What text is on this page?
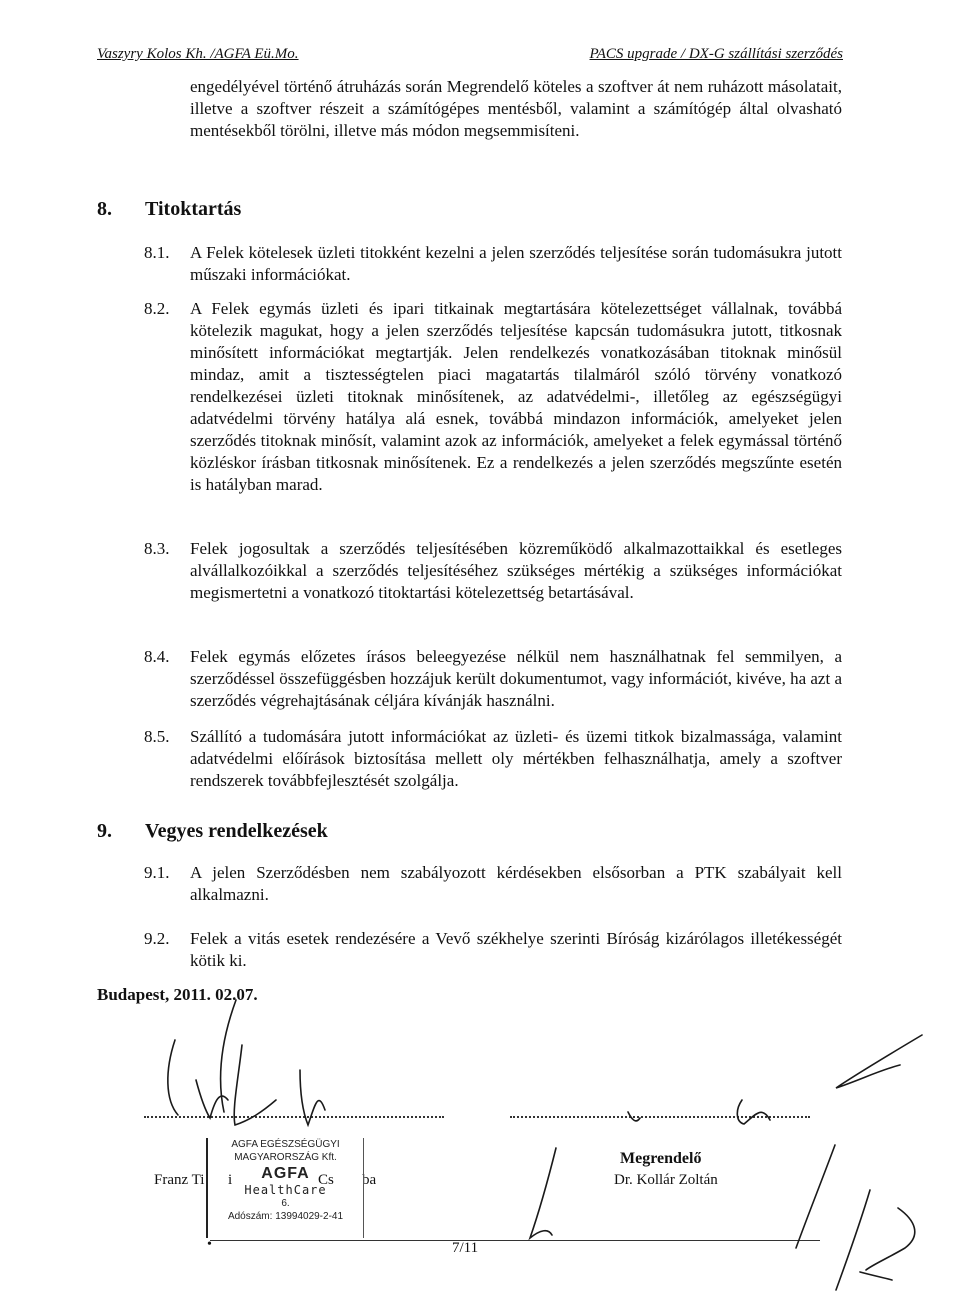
Vaszyry Kolos Kh. /AGFA Eü.Mo.	PACS upgrade / DX-G szállítási szerződés
engedélyével történő átruházás során Megrendelő köteles a szoftver át nem ruházott másolatait, illetve a szoftver részeit a számítógépes mentésből, valamint a számítógép által olvasható mentésekből törölni, illetve más módon megsemmisíteni.
8. Titoktartás
8.1.	A Felek kötelesek üzleti titokként kezelni a jelen szerződés teljesítése során tudomásukra jutott műszaki információkat.
8.2.	A Felek egymás üzleti és ipari titkainak megtartására kötelezettséget vállalnak, továbbá kötelezik magukat, hogy a jelen szerződés teljesítése kapcsán tudomásukra jutott, titkosnak minősített információkat megtartják. Jelen rendelkezés vonatkozásában titoknak minősül mindaz, amit a tisztességtelen piaci magatartás tilalmáról szóló törvény vonatkozó rendelkezései üzleti titoknak minősítenek, az adatvédelmi-, illetőleg az egészségügyi adatvédelmi törvény hatálya alá esnek, továbbá mindazon információk, amelyeket jelen szerződés titoknak minősít, valamint azok az információk, amelyeket a felek egymással történő közléskor írásban titkosnak minősítenek. Ez a rendelkezés a jelen szerződés megszűnte esetén is hatályban marad.
8.3.	Felek jogosultak a szerződés teljesítésében közreműködő alkalmazottaikkal és esetleges alvállalkozóikkal a szerződés teljesítéséhez szükséges mértékig a szükséges információkat megismertetni a vonatkozó titoktartási kötelezettség betartásával.
8.4.	Felek egymás előzetes írásos beleegyezése nélkül nem használhatnak fel semmilyen, a szerződéssel összefüggésben hozzájuk került dokumentumot, vagy információt, kivéve, ha azt a szerződés végrehajtásának céljára kívánják használni.
8.5.	Szállító a tudomására jutott információkat az üzleti- és üzemi titkok bizalmassága, valamint adatvédelmi előírások biztosítása mellett oly mértékben felhasználhatja, amely a szoftver rendszerek továbbfejlesztését szolgálja.
9. Vegyes rendelkezések
9.1.	A jelen Szerződésben nem szabályozott kérdésekben elsősorban a PTK szabályait kell alkalmazni.
9.2.	Felek a vitás esetek rendezésére a Vevő székhelye szerinti Bíróság kizárólagos illetékességét kötik ki.
Budapest, 2011. 02.07.
Franz Ti i	Cs ba
AGFA EGÉSZSÉGÜGYI
MAGYARORSZÁG Kft.
AGFA
HealthCare
6.
Adószám: 13994029-2-41
Megrendelő
Dr. Kollár Zoltán
•	7/11
